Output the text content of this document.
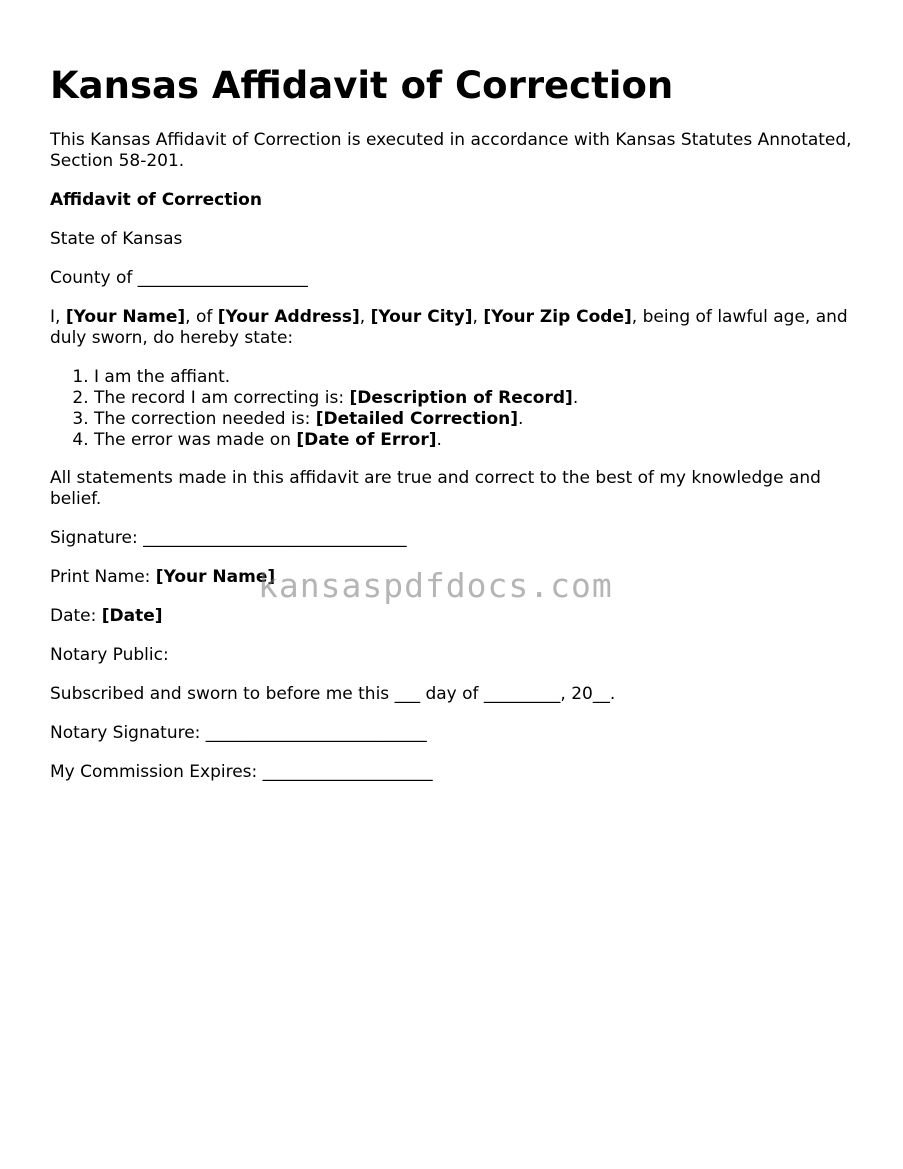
Kansas Affidavit of Correction

This Kansas Affidavit of Correction is executed in accordance with Kansas Statutes Annotated, Section 58-201.

Affidavit of Correction

State of Kansas

County of ____________________

I, [Your Name], of [Your Address], [Your City], [Your Zip Code], being of lawful age, and duly sworn, do hereby state:

1. I am the affiant.
2. The record I am correcting is: [Description of Record].
3. The correction needed is: [Detailed Correction].
4. The error was made on [Date of Error].

All statements made in this affidavit are true and correct to the best of my knowledge and belief.

Signature: _______________________________

Print Name: [Your Name]

Date: [Date]

Notary Public:

Subscribed and sworn to before me this ___ day of _________, 20__.

Notary Signature: __________________________

My Commission Expires: ____________________

kansaspdfdocs.com
